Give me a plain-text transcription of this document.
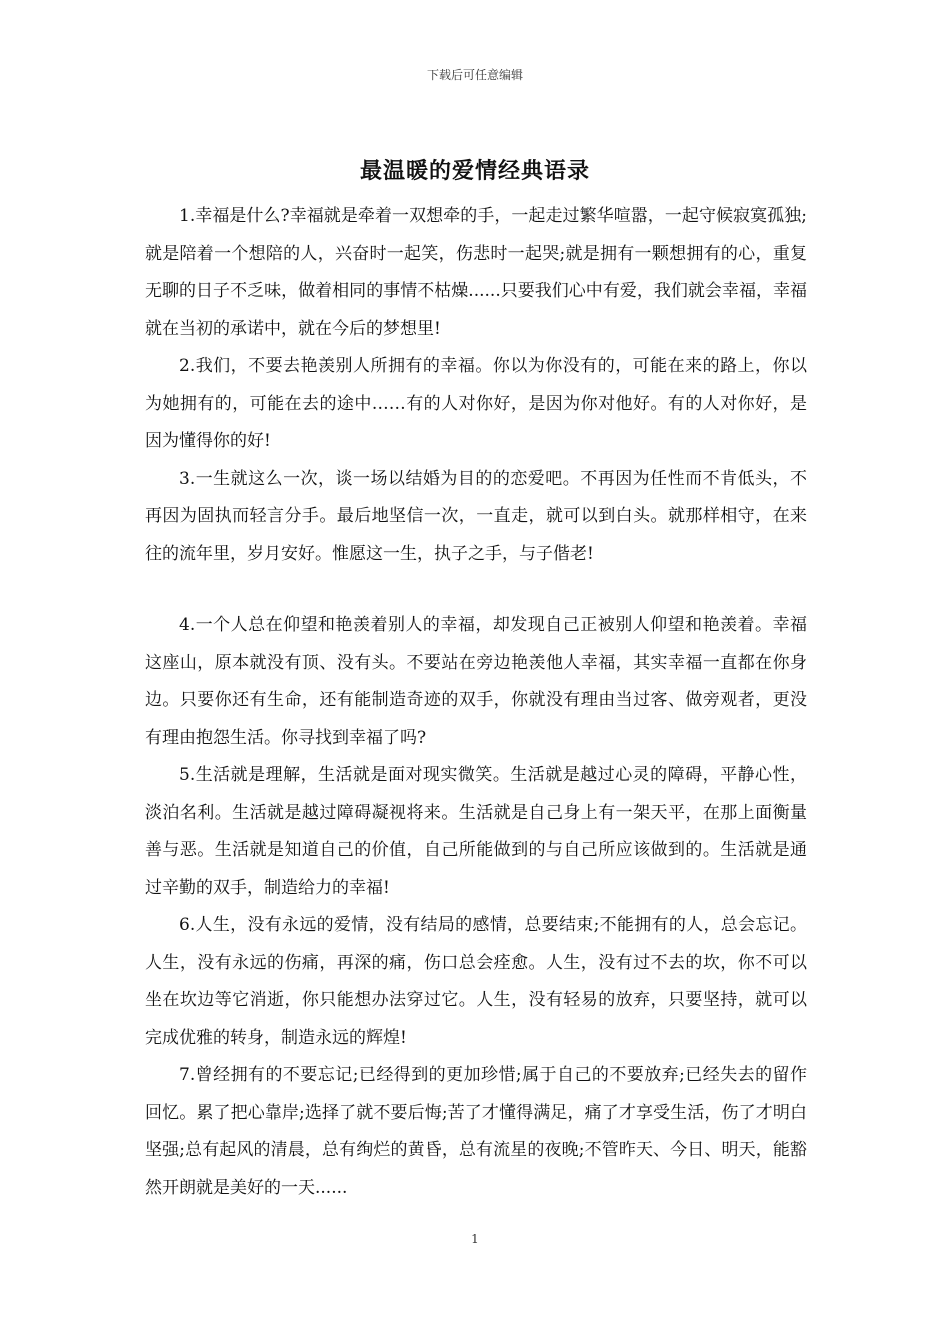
下载后可任意编辑
最温暖的爱情经典语录

1.幸福是什么?幸福就是牵着一双想牵的手，一起走过繁华喧嚣，一起守候寂寞孤独;就是陪着一个想陪的人，兴奋时一起笑，伤悲时一起哭;就是拥有一颗想拥有的心，重复无聊的日子不乏味，做着相同的事情不枯燥......只要我们心中有爱，我们就会幸福，幸福就在当初的承诺中，就在今后的梦想里!

2.我们，不要去艳羡别人所拥有的幸福。你以为你没有的，可能在来的路上，你以为她拥有的，可能在去的途中……有的人对你好，是因为你对他好。有的人对你好，是因为懂得你的好!

3.一生就这么一次，谈一场以结婚为目的的恋爱吧。不再因为任性而不肯低头，不再因为固执而轻言分手。最后地坚信一次，一直走，就可以到白头。就那样相守，在来往的流年里，岁月安好。惟愿这一生，执子之手，与子偕老!

4.一个人总在仰望和艳羡着别人的幸福，却发现自己正被别人仰望和艳羡着。幸福这座山，原本就没有顶、没有头。不要站在旁边艳羡他人幸福，其实幸福一直都在你身边。只要你还有生命，还有能制造奇迹的双手，你就没有理由当过客、做旁观者，更没有理由抱怨生活。你寻找到幸福了吗?

5.生活就是理解，生活就是面对现实微笑。生活就是越过心灵的障碍，平静心性，淡泊名利。生活就是越过障碍凝视将来。生活就是自己身上有一架天平，在那上面衡量善与恶。生活就是知道自己的价值，自己所能做到的与自己所应该做到的。生活就是通过辛勤的双手，制造给力的幸福!

6.人生，没有永远的爱情，没有结局的感情，总要结束;不能拥有的人，总会忘记。人生，没有永远的伤痛，再深的痛，伤口总会痊愈。人生，没有过不去的坎，你不可以坐在坎边等它消逝，你只能想办法穿过它。人生，没有轻易的放弃，只要坚持，就可以完成优雅的转身，制造永远的辉煌!

7.曾经拥有的不要忘记;已经得到的更加珍惜;属于自己的不要放弃;已经失去的留作回忆。累了把心靠岸;选择了就不要后悔;苦了才懂得满足，痛了才享受生活，伤了才明白坚强;总有起风的清晨，总有绚烂的黄昏，总有流星的夜晚;不管昨天、今日、明天，能豁然开朗就是美好的一天......

1
